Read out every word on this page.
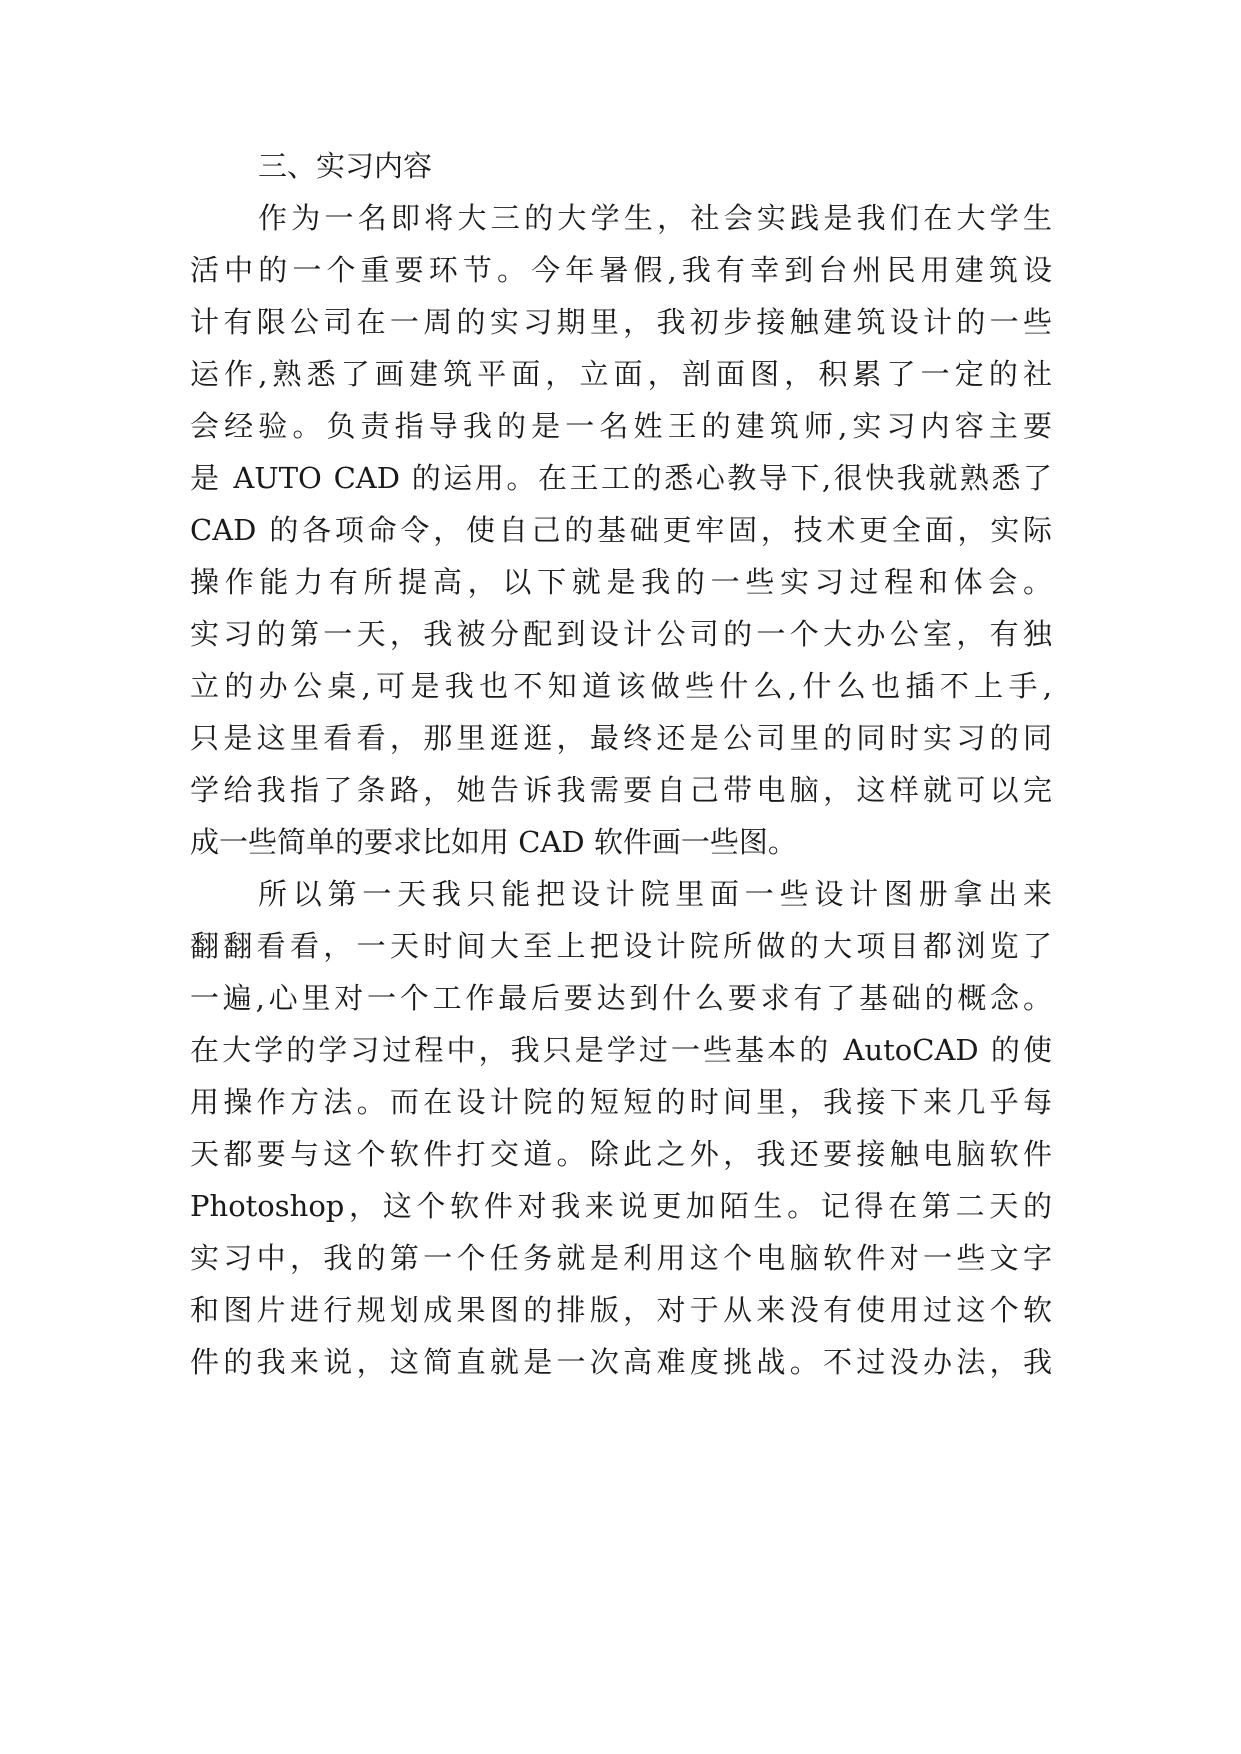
三、实习内容
作为一名即将大三的大学生，社会实践是我们在大学生
活中的一个重要环节。今年暑假,我有幸到台州民用建筑设
计有限公司在一周的实习期里，我初步接触建筑设计的一些
运作,熟悉了画建筑平面，立面，剖面图，积累了一定的社
会经验。负责指导我的是一名姓王的建筑师,实习内容主要
是 AUTO CAD 的运用。在王工的悉心教导下,很快我就熟悉了
CAD 的各项命令，使自己的基础更牢固，技术更全面，实际
操作能力有所提高，以下就是我的一些实习过程和体会。
实习的第一天，我被分配到设计公司的一个大办公室，有独
立的办公桌,可是我也不知道该做些什么,什么也插不上手,
只是这里看看，那里逛逛，最终还是公司里的同时实习的同
学给我指了条路，她告诉我需要自己带电脑，这样就可以完
成一些简单的要求比如用 CAD 软件画一些图。
所以第一天我只能把设计院里面一些设计图册拿出来
翻翻看看，一天时间大至上把设计院所做的大项目都浏览了
一遍,心里对一个工作最后要达到什么要求有了基础的概念。
在大学的学习过程中，我只是学过一些基本的 AutoCAD 的使
用操作方法。而在设计院的短短的时间里，我接下来几乎每
天都要与这个软件打交道。除此之外，我还要接触电脑软件
Photoshop，这个软件对我来说更加陌生。记得在第二天的
实习中，我的第一个任务就是利用这个电脑软件对一些文字
和图片进行规划成果图的排版，对于从来没有使用过这个软
件的我来说，这简直就是一次高难度挑战。不过没办法，我
